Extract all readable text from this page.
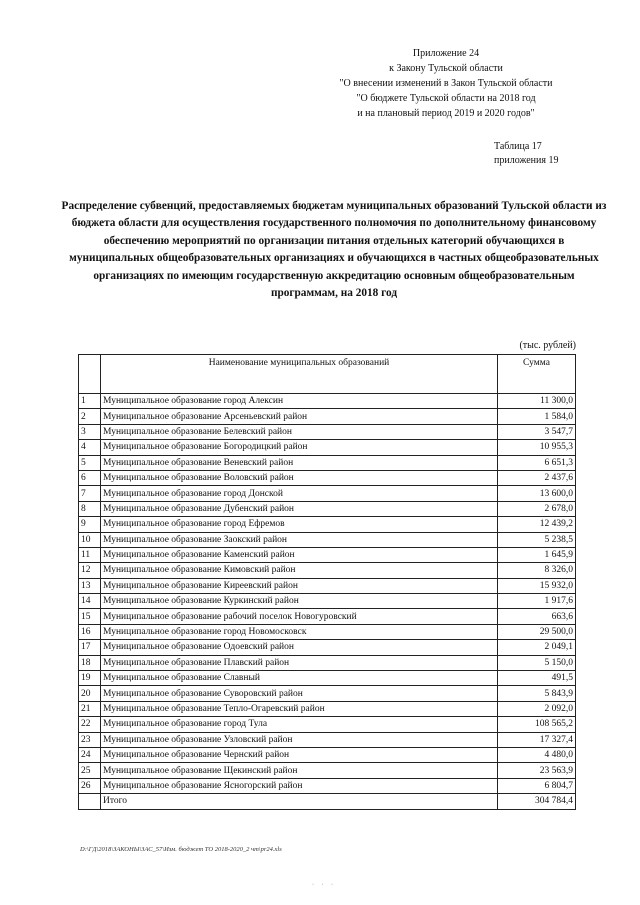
Приложение 24
к Закону Тульской области
"О внесении изменений в Закон Тульской области
"О бюджете Тульской области на 2018 год
и на плановый период 2019 и 2020 годов"
Таблица 17
приложения 19
Распределение субвенций, предоставляемых бюджетам муниципальных образований Тульской области из бюджета области для осуществления государственного полномочия по дополнительному финансовому обеспечению мероприятий по организации питания отдельных категорий обучающихся в муниципальных общеобразовательных организациях и обучающихся в частных общеобразовательных организациях по имеющим государственную аккредитацию основным общеобразовательным программам, на 2018 год
(тыс. рублей)
	Наименование муниципальных образований	Сумма
1	Муниципальное образование город Алексин	11 300,0
2	Муниципальное образование Арсеньевский район	1 584,0
3	Муниципальное образование Белевский район	3 547,7
4	Муниципальное образование Богородицкий район	10 955,3
5	Муниципальное образование Веневский район	6 651,3
6	Муниципальное образование Воловский район	2 437,6
7	Муниципальное образование город Донской	13 600,0
8	Муниципальное образование Дубенский район	2 678,0
9	Муниципальное образование город Ефремов	12 439,2
10	Муниципальное образование Заокский район	5 238,5
11	Муниципальное образование Каменский район	1 645,9
12	Муниципальное образование Кимовский район	8 326,0
13	Муниципальное образование Киреевский район	15 932,0
14	Муниципальное образование Куркинский район	1 917,6
15	Муниципальное образование рабочий поселок Новогуровский	663,6
16	Муниципальное образование город Новомосковск	29 500,0
17	Муниципальное образование Одоевский район	2 049,1
18	Муниципальное образование Плавский район	5 150,0
19	Муниципальное образование Славный	491,5
20	Муниципальное образование Суворовский район	5 843,9
21	Муниципальное образование Тепло-Огаревский район	2 092,0
22	Муниципальное образование город Тула	108 565,2
23	Муниципальное образование Узловский район	17 327,4
24	Муниципальное образование Чернский район	4 480,0
25	Муниципальное образование Щекинский район	23 563,9
26	Муниципальное образование Ясногорский район	6 804,7
	Итого	304 784,4
D:\ГД\2018\ЗАКОНЫ\ЗАС_57\Изм. бюджет ТО 2018-2020_2 чт\pr24.xls
· · ·
